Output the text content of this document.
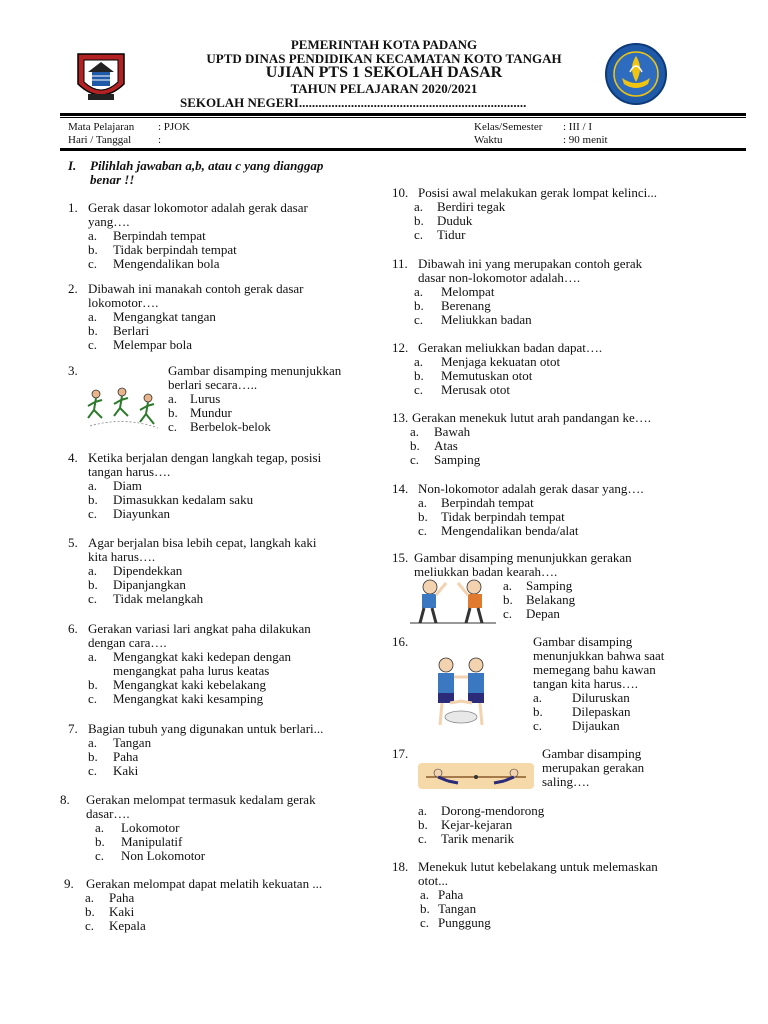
PEMERINTAH KOTA PADANG
UPTD DINAS PENDIDIKAN KECAMATAN KOTO TANGAH
UJIAN PTS 1 SEKOLAH DASAR
TAHUN PELAJARAN 2020/2021
SEKOLAH NEGERI......................................................................
Mata Pelajaran : PJOK
Hari / Tanggal :
Kelas/Semester : III / I
Waktu	: 90 menit
I. Pilihlah jawaban a,b, atau c yang dianggap
benar !!
1. Gerak dasar lokomotor adalah gerak dasar
yang….
a. Berpindah tempat
b. Tidak berpindah tempat
c. Mengendalikan bola
2. Dibawah ini manakah contoh gerak dasar
lokomotor….
a. Mengangkat tangan
b. Berlari
c. Melempar bola
3.	Gambar disamping menunjukkan
berlari secara…..
a. Lurus
b. Mundur
c. Berbelok-belok
4. Ketika berjalan dengan langkah tegap, posisi
tangan harus….
a. Diam
b. Dimasukkan kedalam saku
c. Diayunkan
5. Agar berjalan bisa lebih cepat, langkah kaki
kita harus….
a. Dipendekkan
b. Dipanjangkan
c. Tidak melangkah
6. Gerakan variasi lari angkat paha dilakukan
dengan cara….
a. Mengangkat kaki kedepan dengan
mengangkat paha lurus keatas
b. Mengangkat kaki kebelakang
c. Mengangkat kaki kesamping
7. Bagian tubuh yang digunakan untuk berlari...
a. Tangan
b. Paha
c. Kaki
8. Gerakan melompat termasuk kedalam gerak
dasar….
a. Lokomotor
b. Manipulatif
c. Non Lokomotor
9. Gerakan melompat dapat melatih kekuatan ...
a. Paha
b. Kaki
c. Kepala
10. Posisi awal melakukan gerak lompat kelinci...
a. Berdiri tegak
b. Duduk
c. Tidur
11. Dibawah ini yang merupakan contoh gerak
dasar non-lokomotor adalah….
a. Melompat
b. Berenang
c. Meliukkan badan
12. Gerakan meliukkan badan dapat….
a. Menjaga kekuatan otot
b. Memutuskan otot
c. Merusak otot
13. Gerakan menekuk lutut arah pandangan ke….
a. Bawah
b. Atas
c. Samping
14. Non-lokomotor adalah gerak dasar yang….
a. Berpindah tempat
b. Tidak berpindah tempat
c. Mengendalikan benda/alat
15. Gambar disamping menunjukkan gerakan
meliukkan badan kearah….
a. Samping
b. Belakang
c. Depan
16.	Gambar disamping
menunjukkan bahwa saat
memegang bahu kawan
tangan kita harus….
a. Diluruskan
b. Dilepaskan
c. Dijaukan
17.	Gambar disamping
merupakan gerakan
saling….
a. Dorong-mendorong
b. Kejar-kejaran
c. Tarik menarik
18. Menekuk lutut kebelakang untuk melemaskan
otot...
a. Paha
b. Tangan
c. Punggung
